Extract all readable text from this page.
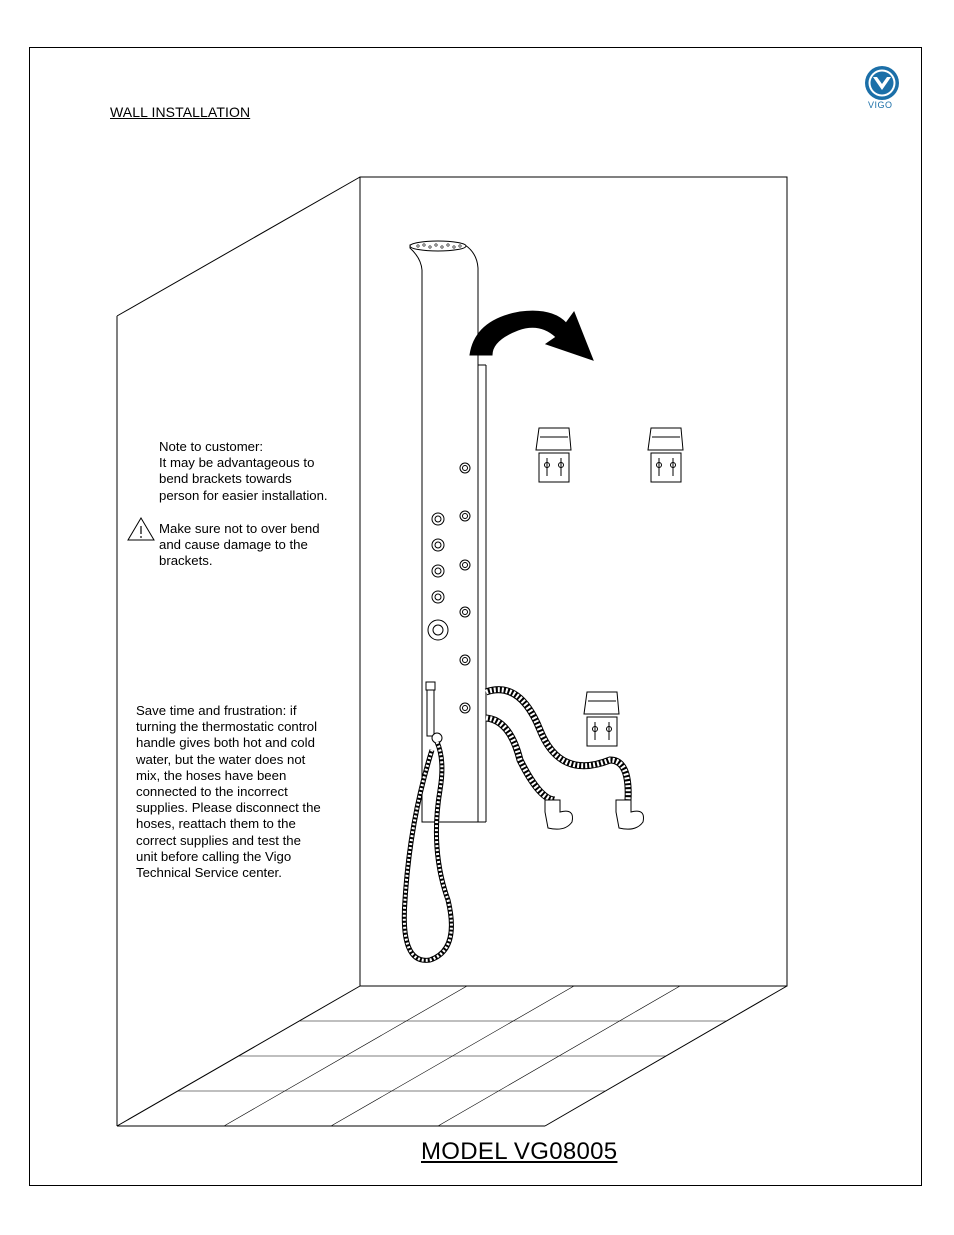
WALL INSTALLATION	VIGO
Note to customer:
It may be advantageous to
bend brackets towards
person for easier installation.
Make sure not to over bend
and cause damage to the
brackets.
Save time and frustration: if
turning the thermostatic control
handle gives both hot and cold
water, but the water does not
mix, the hoses have been
connected to the incorrect
supplies. Please disconnect the
hoses, reattach them to the
correct supplies and test the
unit before calling the Vigo
Technical Service center.
MODEL VG08005
